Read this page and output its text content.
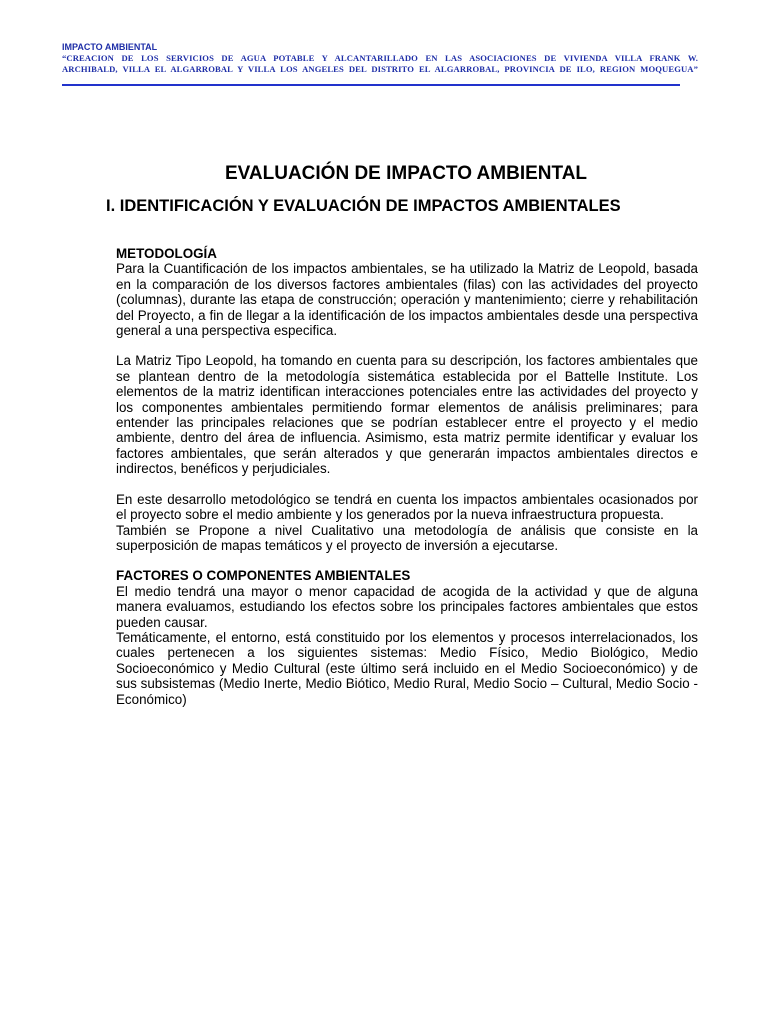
IMPACTO AMBIENTAL
“CREACION DE LOS SERVICIOS DE AGUA POTABLE Y ALCANTARILLADO EN LAS ASOCIACIONES DE VIVIENDA VILLA FRANK W.
ARCHIBALD, VILLA EL ALGARROBAL Y VILLA LOS ANGELES DEL DISTRITO EL ALGARROBAL, PROVINCIA DE ILO, REGION MOQUEGUA”
EVALUACIÓN DE IMPACTO AMBIENTAL
I. IDENTIFICACIÓN Y EVALUACIÓN DE IMPACTOS AMBIENTALES

METODOLOGÍA

Para la Cuantificación de los impactos ambientales, se ha utilizado la Matriz de Leopold, basada en la comparación de los diversos factores ambientales (filas) con las actividades del proyecto (columnas), durante las etapa de construcción; operación y mantenimiento; cierre y rehabilitación del Proyecto, a fin de llegar a la identificación de los impactos ambientales desde una perspectiva general a una perspectiva especifica.

La Matriz Tipo Leopold, ha tomando en cuenta para su descripción, los factores ambientales que se plantean dentro de la metodología sistemática establecida por el Battelle Institute. Los elementos de la matriz identifican interacciones potenciales entre las actividades del proyecto y los componentes ambientales permitiendo formar elementos de análisis preliminares; para entender las principales relaciones que se podrían establecer entre el proyecto y el medio ambiente, dentro del área de influencia. Asimismo, esta matriz permite identificar y evaluar los factores ambientales, que serán alterados y que generarán impactos ambientales directos e indirectos, benéficos y perjudiciales.

En este desarrollo metodológico se tendrá en cuenta los impactos ambientales ocasionados por el proyecto sobre el medio ambiente y los generados por la nueva infraestructura propuesta.

También se Propone a nivel Cualitativo una metodología de análisis que consiste en la superposición de mapas temáticos y el proyecto de inversión a ejecutarse.

FACTORES O COMPONENTES AMBIENTALES

El medio tendrá una mayor o menor capacidad de acogida de la actividad y que de alguna manera evaluamos, estudiando los efectos sobre los principales factores ambientales que estos pueden causar.

Temáticamente, el entorno, está constituido por los elementos y procesos interrelacionados, los cuales pertenecen a los siguientes sistemas: Medio Físico, Medio Biológico, Medio Socioeconómico y Medio Cultural (este último será incluido en el Medio Socioeconómico) y de sus subsistemas (Medio Inerte, Medio Biótico, Medio Rural, Medio Socio – Cultural, Medio Socio - Económico)
